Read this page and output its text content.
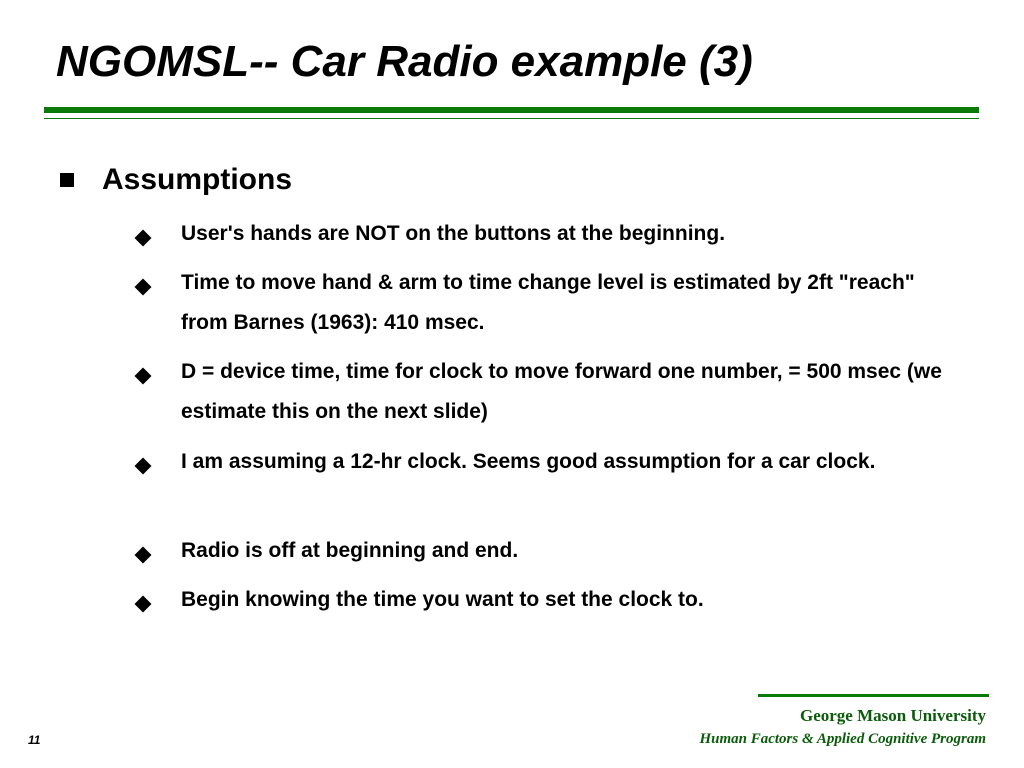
NGOMSL-- Car Radio example (3)
Assumptions
User's hands are NOT on the buttons at the beginning.
Time to move hand & arm to time change level is estimated by 2ft "reach" from Barnes (1963): 410 msec.
D = device time, time for clock to move forward one number, = 500 msec (we estimate this on the next slide)
I am assuming a 12-hr clock. Seems good assumption for a car clock.
Radio is off at beginning and end.
Begin knowing the time you want to set the clock to.
George Mason University
Human Factors & Applied Cognitive Program
11
